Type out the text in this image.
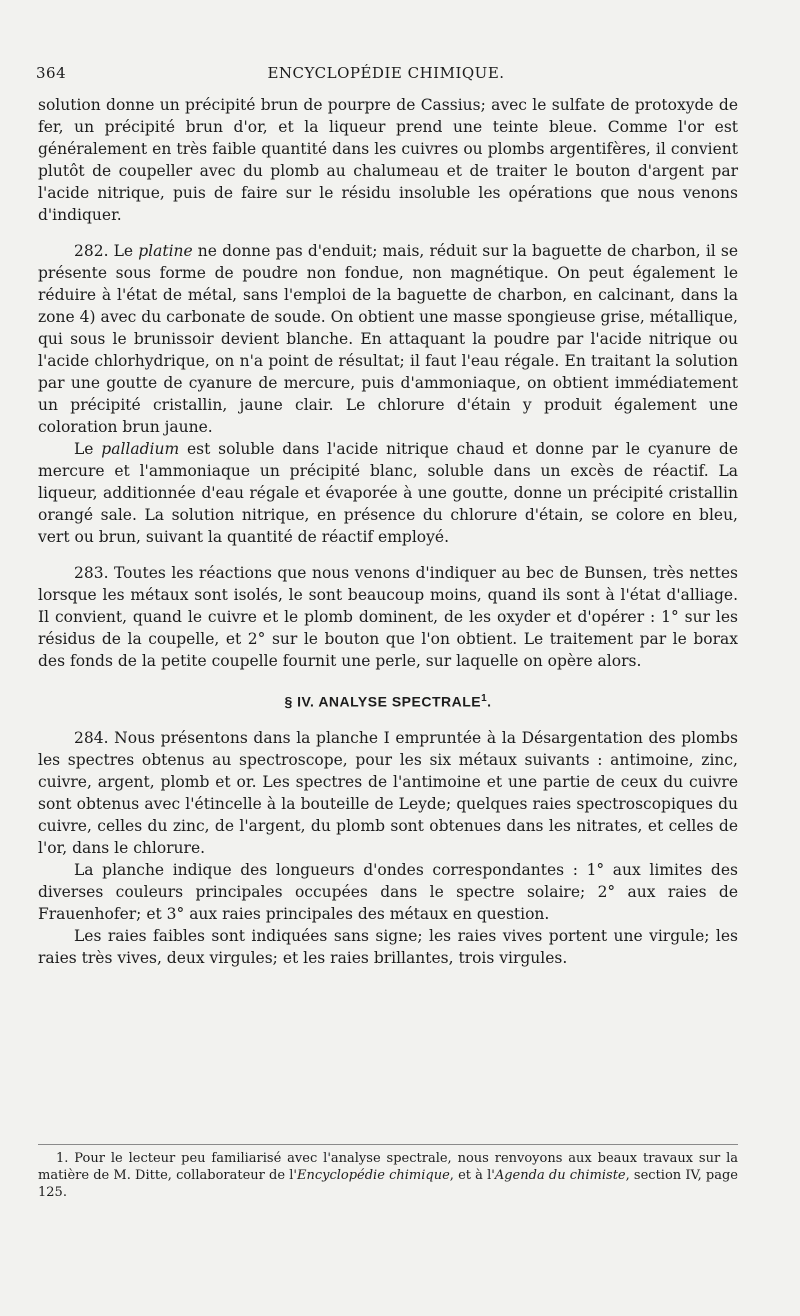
364	ENCYCLOPÉDIE CHIMIQUE.

solution donne un précipité brun de pourpre de Cassius; avec le sulfate de protoxyde de fer, un précipité brun d'or, et la liqueur prend une teinte bleue. Comme l'or est généralement en très faible quantité dans les cuivres ou plombs argentifères, il convient plutôt de coupeller avec du plomb au chalumeau et de traiter le bouton d'argent par l'acide nitrique, puis de faire sur le résidu insoluble les opérations que nous venons d'indiquer.

282. Le platine ne donne pas d'enduit; mais, réduit sur la baguette de charbon, il se présente sous forme de poudre non fondue, non magnétique. On peut également le réduire à l'état de métal, sans l'emploi de la baguette de charbon, en calcinant, dans la zone 4) avec du carbonate de soude. On obtient une masse spongieuse grise, métallique, qui sous le brunissoir devient blanche. En attaquant la poudre par l'acide nitrique ou l'acide chlorhydrique, on n'a point de résultat; il faut l'eau régale. En traitant la solution par une goutte de cyanure de mercure, puis d'ammoniaque, on obtient immédiatement un précipité cristallin, jaune clair. Le chlorure d'étain y produit également une coloration brun jaune.

Le palladium est soluble dans l'acide nitrique chaud et donne par le cyanure de mercure et l'ammoniaque un précipité blanc, soluble dans un excès de réactif. La liqueur, additionnée d'eau régale et évaporée à une goutte, donne un précipité cristallin orangé sale. La solution nitrique, en présence du chlorure d'étain, se colore en bleu, vert ou brun, suivant la quantité de réactif employé.

283. Toutes les réactions que nous venons d'indiquer au bec de Bunsen, très nettes lorsque les métaux sont isolés, le sont beaucoup moins, quand ils sont à l'état d'alliage. Il convient, quand le cuivre et le plomb dominent, de les oxyder et d'opérer : 1° sur les résidus de la coupelle, et 2° sur le bouton que l'on obtient. Le traitement par le borax des fonds de la petite coupelle fournit une perle, sur laquelle on opère alors.

§ IV. ANALYSE SPECTRALE$^1$.

284. Nous présentons dans la planche I empruntée à la Désargentation des plombs les spectres obtenus au spectroscope, pour les six métaux suivants : antimoine, zinc, cuivre, argent, plomb et or. Les spectres de l'antimoine et une partie de ceux du cuivre sont obtenus avec l'étincelle à la bouteille de Leyde; quelques raies spectroscopiques du cuivre, celles du zinc, de l'argent, du plomb sont obtenues dans les nitrates, et celles de l'or, dans le chlorure.

La planche indique des longueurs d'ondes correspondantes : 1° aux limites des diverses couleurs principales occupées dans le spectre solaire; 2° aux raies de Frauenhofer; et 3° aux raies principales des métaux en question.

Les raies faibles sont indiquées sans signe; les raies vives portent une virgule; les raies très vives, deux virgules; et les raies brillantes, trois virgules.

1. Pour le lecteur peu familiarisé avec l'analyse spectrale, nous renvoyons aux beaux travaux sur la matière de M. Ditte, collaborateur de l'Encyclopédie chimique, et à l'Agenda du chimiste, section IV, page 125.
